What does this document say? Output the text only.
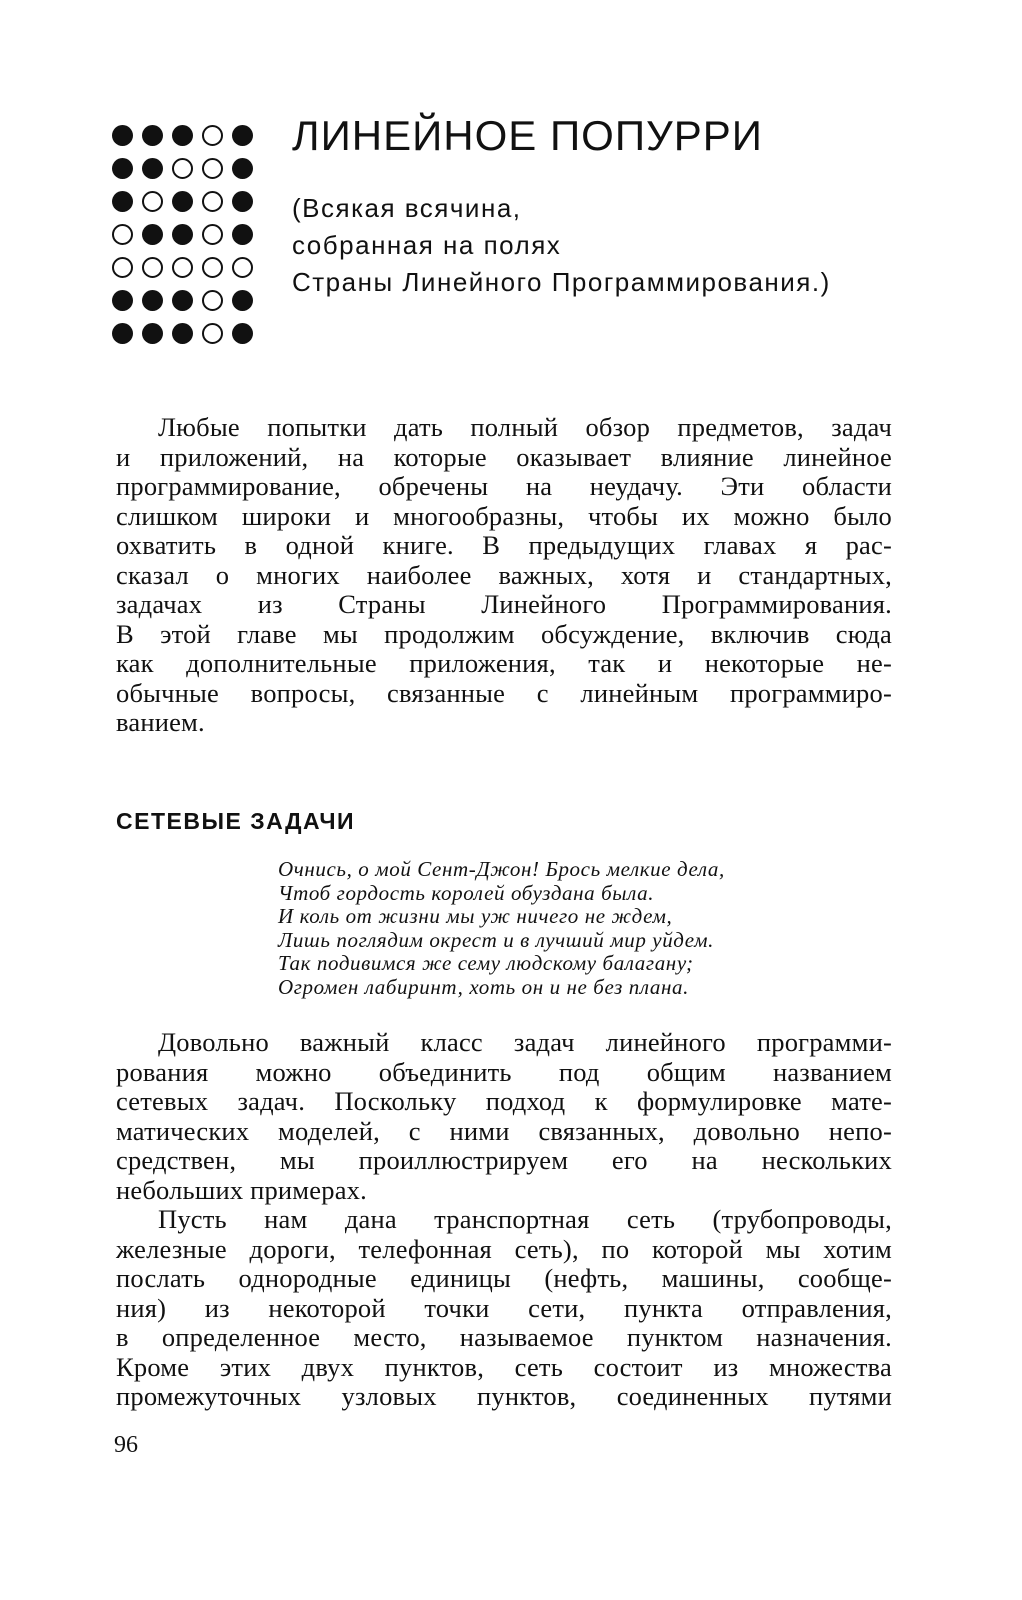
ЛИНЕЙНОЕ ПОПУРРИ
(Всякая всячина,
собранная на полях
Страны Линейного Программирования.)

Любые попытки дать полный обзор предметов, задач
и приложений, на которые оказывает влияние линейное
программирование, обречены на неудачу. Эти области
слишком широки и многообразны, чтобы их можно было
охватить в одной книге. В предыдущих главах я рас-
сказал о многих наиболее важных, хотя и стандартных,
задачах из Страны Линейного Программирования.
В этой главе мы продолжим обсуждение, включив сюда
как дополнительные приложения, так и некоторые не-
обычные вопросы, связанные с линейным программиро-
ванием.

СЕТЕВЫЕ ЗАДАЧИ
Очнись, о мой Сент-Джон! Брось мелкие дела,
Чтоб гордость королей обуздана была.
И коль от жизни мы уж ничего не ждем,
Лишь поглядим окрест и в лучший мир уйдем.
Так подивимся же сему людскому балагану;
Огромен лабиринт, хоть он и не без плана.

Довольно важный класс задач линейного программи-
рования можно объединить под общим названием
сетевых задач. Поскольку подход к формулировке мате-
матических моделей, с ними связанных, довольно непо-
средствен, мы проиллюстрируем его на нескольких
небольших примерах.

Пусть нам дана транспортная сеть (трубопроводы,
железные дороги, телефонная сеть), по которой мы хотим
послать однородные единицы (нефть, машины, сообще-
ния) из некоторой точки сети, пункта отправления,
в определенное место, называемое пунктом назначения.
Кроме этих двух пунктов, сеть состоит из множества
промежуточных узловых пунктов, соединенных путями

96
